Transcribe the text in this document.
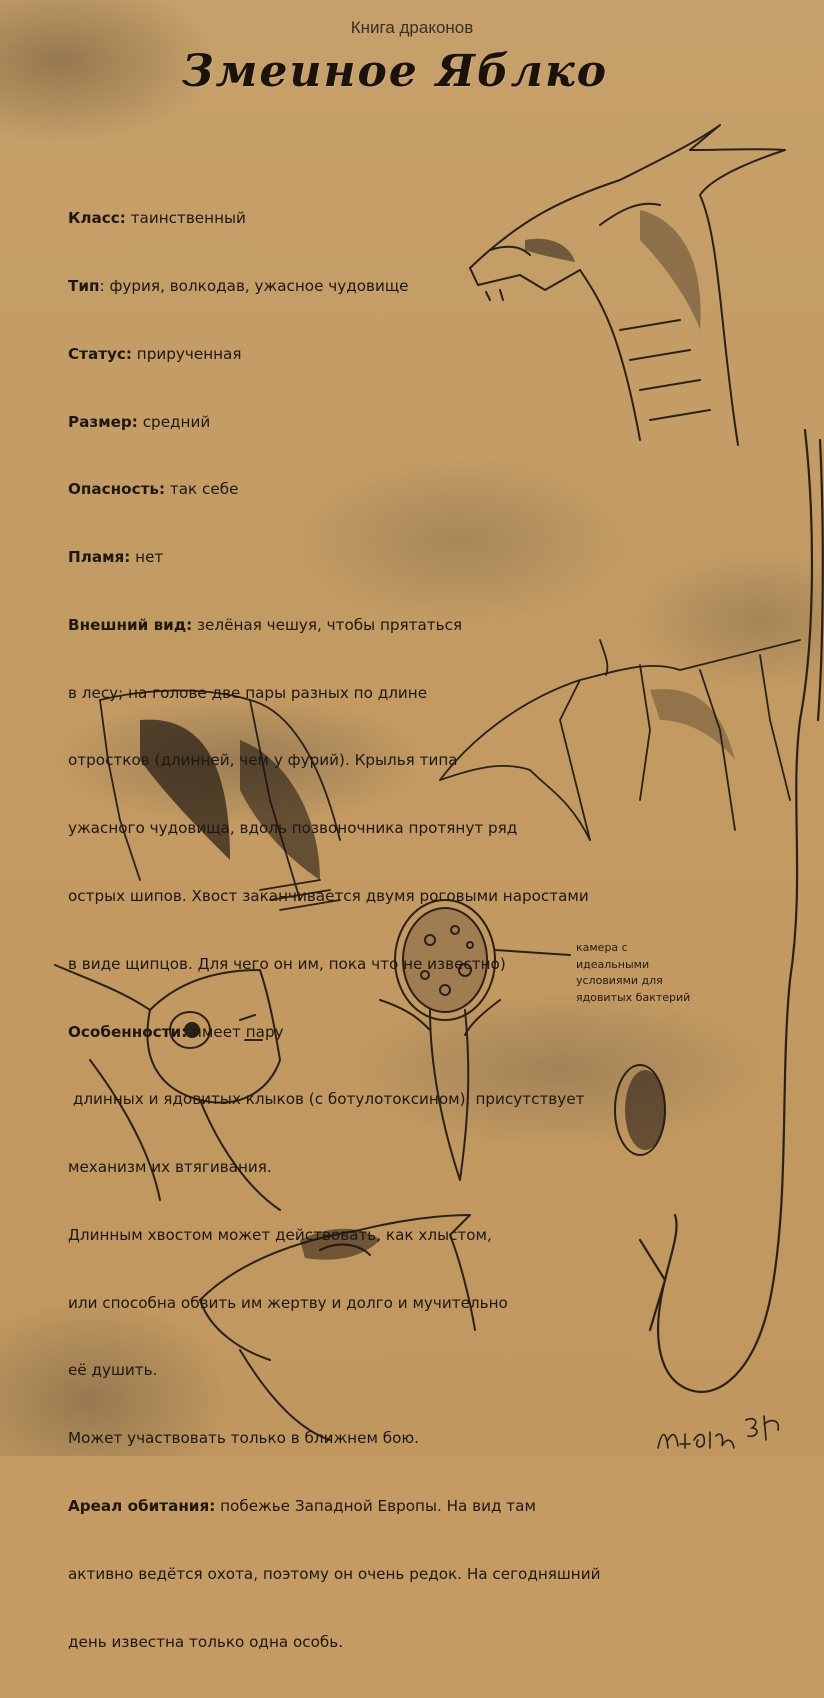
Книга драконов
Змеиное Яблко

Класс: таинственный

Тип: фурия, волкодав, ужасное чудовище

Статус: прирученная

Размер: средний

Опасность: так себе

Пламя: нет

Внешний вид: зелёная чешуя, чтобы прятаться

в лесу; на голове две пары разных по длине

отростков (длинней, чем у фурий). Крылья типа

ужасного чудовища, вдоль позвоночника протянут ряд

острых шипов. Хвост заканчивается двумя роговыми наростами

в виде щипцов. Для чего он им, пока что не известно)

Особенности: имеет пару

длинных и ядовитых клыков (с ботулотоксином); присутствует

механизм их втягивания.

Длинным хвостом может действовать, как хлыстом,

или способна обвить им жертву и долго и мучительно

её душить.

Может участвовать только в ближнем бою.

Ареал обитания: побежье Западной Европы. На вид там

активно ведётся охота, поэтому он очень редок. На сегодняшний

день известна только одна особь.

камера с
идеальными
условиями для
ядовитых бактерий
